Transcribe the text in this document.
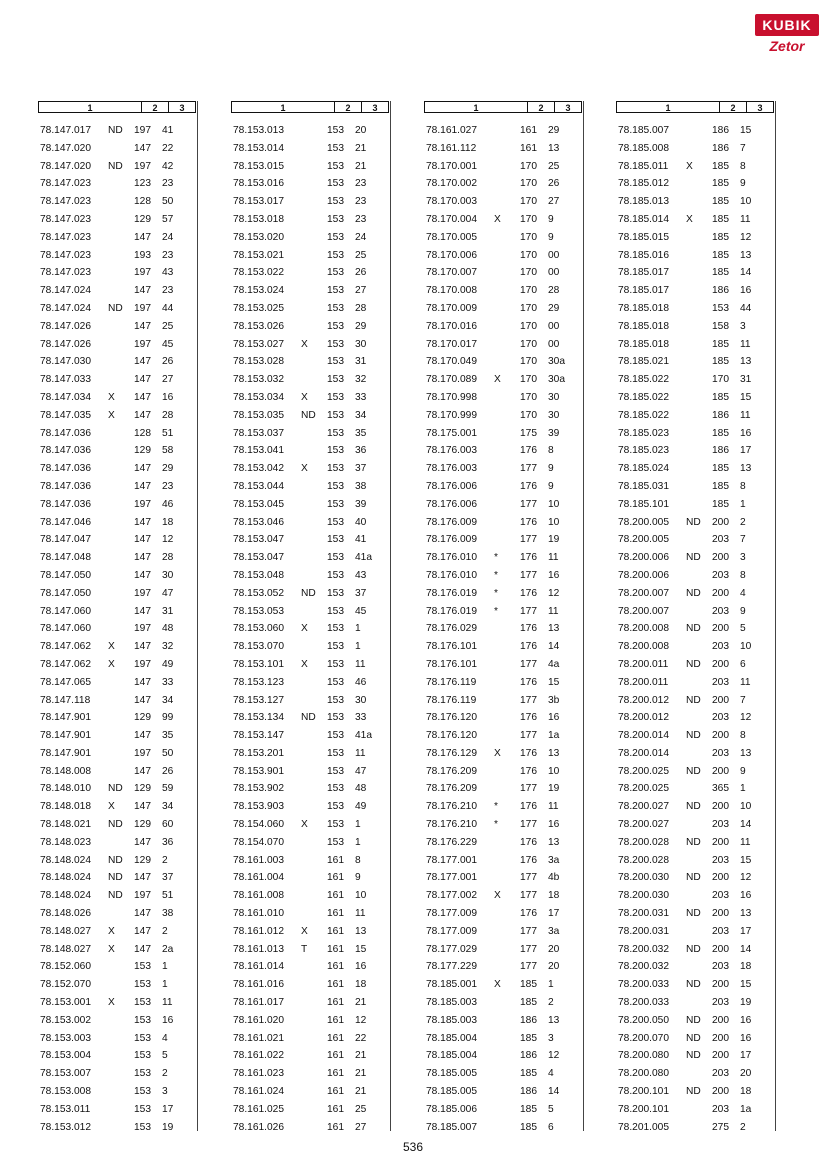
KUBIK
Zetor
1	2	3
78.147.017	ND	197	41
78.147.020	147	22
78.147.020	ND	197	42
78.147.023	123	23
78.147.023	128	50
78.147.023	129	57
78.147.023	147	24
78.147.023	193	23
78.147.023	197	43
78.147.024	147	23
78.147.024	ND	197	44
78.147.026	147	25
78.147.026	197	45
78.147.030	147	26
78.147.033	147	27
78.147.034	X	147	16
78.147.035	X	147	28
78.147.036	128	51
78.147.036	129	58
78.147.036	147	29
78.147.036	147	23
78.147.036	197	46
78.147.046	147	18
78.147.047	147	12
78.147.048	147	28
78.147.050	147	30
78.147.050	197	47
78.147.060	147	31
78.147.060	197	48
78.147.062	X	147	32
78.147.062	X	197	49
78.147.065	147	33
78.147.118	147	34
78.147.901	129	99
78.147.901	147	35
78.147.901	197	50
78.148.008	147	26
78.148.010	ND	129	59
78.148.018	X	147	34
78.148.021	ND	129	60
78.148.023	147	36
78.148.024	ND	129	2
78.148.024	ND	147	37
78.148.024	ND	197	51
78.148.026	147	38
78.148.027	X	147	2
78.148.027	X	147	2a
78.152.060	153	1
78.152.070	153	1
78.153.001	X	153	11
78.153.002	153	16
78.153.003	153	4
78.153.004	153	5
78.153.007	153	2
78.153.008	153	3
78.153.011	153	17
78.153.012	153	19
1	2	3
78.153.013	153	20
78.153.014	153	21
78.153.015	153	21
78.153.016	153	23
78.153.017	153	23
78.153.018	153	23
78.153.020	153	24
78.153.021	153	25
78.153.022	153	26
78.153.024	153	27
78.153.025	153	28
78.153.026	153	29
78.153.027	X	153	30
78.153.028	153	31
78.153.032	153	32
78.153.034	X	153	33
78.153.035	ND	153	34
78.153.037	153	35
78.153.041	153	36
78.153.042	X	153	37
78.153.044	153	38
78.153.045	153	39
78.153.046	153	40
78.153.047	153	41
78.153.047	153	41a
78.153.048	153	43
78.153.052	ND	153	37
78.153.053	153	45
78.153.060	X	153	1
78.153.070	153	1
78.153.101	X	153	11
78.153.123	153	46
78.153.127	153	30
78.153.134	ND	153	33
78.153.147	153	41a
78.153.201	153	11
78.153.901	153	47
78.153.902	153	48
78.153.903	153	49
78.154.060	X	153	1
78.154.070	153	1
78.161.003	161	8
78.161.004	161	9
78.161.008	161	10
78.161.010	161	11
78.161.012	X	161	13
78.161.013	T	161	15
78.161.014	161	16
78.161.016	161	18
78.161.017	161	21
78.161.020	161	12
78.161.021	161	22
78.161.022	161	21
78.161.023	161	21
78.161.024	161	21
78.161.025	161	25
78.161.026	161	27
1	2	3
78.161.027	161	29
78.161.112	161	13
78.170.001	170	25
78.170.002	170	26
78.170.003	170	27
78.170.004	X	170	9
78.170.005	170	9
78.170.006	170	00
78.170.007	170	00
78.170.008	170	28
78.170.009	170	29
78.170.016	170	00
78.170.017	170	00
78.170.049	170	30a
78.170.089	X	170	30a
78.170.998	170	30
78.170.999	170	30
78.175.001	175	39
78.176.003	176	8
78.176.003	177	9
78.176.006	176	9
78.176.006	177	10
78.176.009	176	10
78.176.009	177	19
78.176.010	*	176	11
78.176.010	*	177	16
78.176.019	*	176	12
78.176.019	*	177	11
78.176.029	176	13
78.176.101	176	14
78.176.101	177	4a
78.176.119	176	15
78.176.119	177	3b
78.176.120	176	16
78.176.120	177	1a
78.176.129	X	176	13
78.176.209	176	10
78.176.209	177	19
78.176.210	*	176	11
78.176.210	*	177	16
78.176.229	176	13
78.177.001	176	3a
78.177.001	177	4b
78.177.002	X	177	18
78.177.009	176	17
78.177.009	177	3a
78.177.029	177	20
78.177.229	177	20
78.185.001	X	185	1
78.185.003	185	2
78.185.003	186	13
78.185.004	185	3
78.185.004	186	12
78.185.005	185	4
78.185.005	186	14
78.185.006	185	5
78.185.007	185	6
1	2	3
78.185.007	186	15
78.185.008	186	7
78.185.011	X	185	8
78.185.012	185	9
78.185.013	185	10
78.185.014	X	185	11
78.185.015	185	12
78.185.016	185	13
78.185.017	185	14
78.185.017	186	16
78.185.018	153	44
78.185.018	158	3
78.185.018	185	11
78.185.021	185	13
78.185.022	170	31
78.185.022	185	15
78.185.022	186	11
78.185.023	185	16
78.185.023	186	17
78.185.024	185	13
78.185.031	185	8
78.185.101	185	1
78.200.005	ND	200	2
78.200.005	203	7
78.200.006	ND	200	3
78.200.006	203	8
78.200.007	ND	200	4
78.200.007	203	9
78.200.008	ND	200	5
78.200.008	203	10
78.200.011	ND	200	6
78.200.011	203	11
78.200.012	ND	200	7
78.200.012	203	12
78.200.014	ND	200	8
78.200.014	203	13
78.200.025	ND	200	9
78.200.025	365	1
78.200.027	ND	200	10
78.200.027	203	14
78.200.028	ND	200	11
78.200.028	203	15
78.200.030	ND	200	12
78.200.030	203	16
78.200.031	ND	200	13
78.200.031	203	17
78.200.032	ND	200	14
78.200.032	203	18
78.200.033	ND	200	15
78.200.033	203	19
78.200.050	ND	200	16
78.200.070	ND	200	16
78.200.080	ND	200	17
78.200.080	203	20
78.200.101	ND	200	18
78.200.101	203	1a
78.201.005	275	2
536
